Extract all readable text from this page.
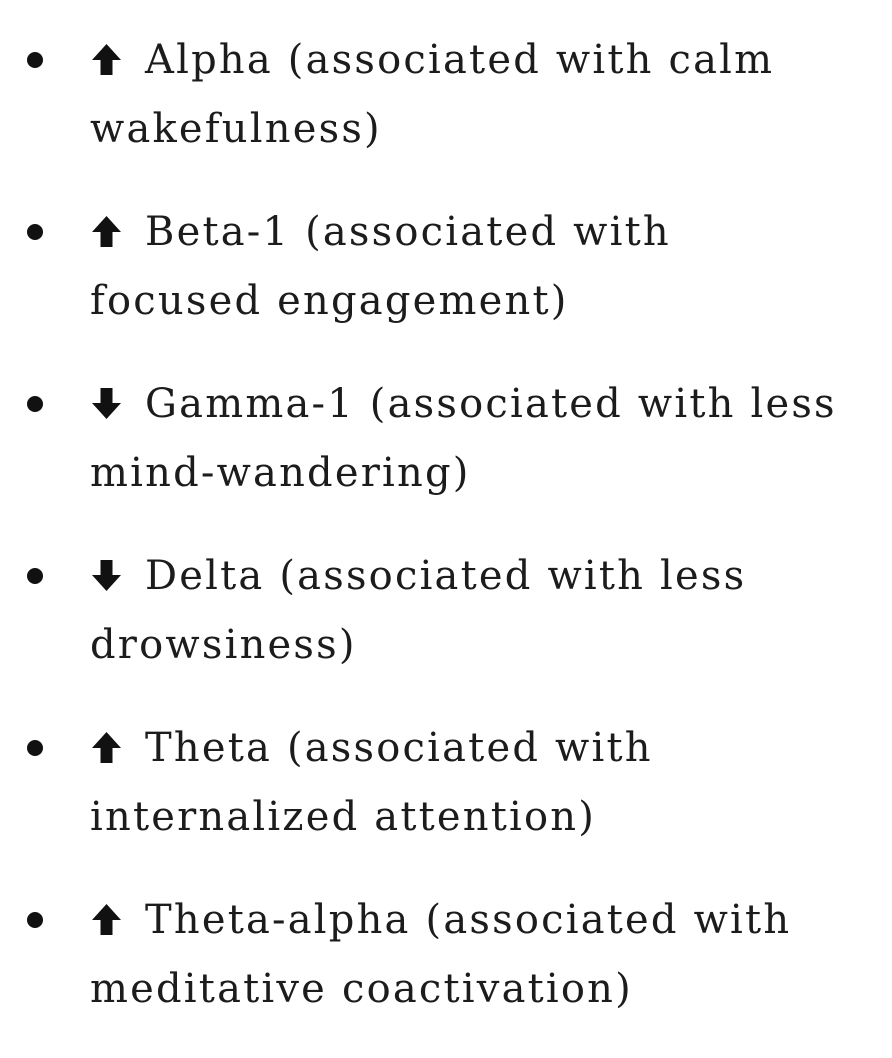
Alpha (associated with calm wakefulness)
Beta-1 (associated with focused engagement)
Gamma-1 (associated with less mind-wandering)
Delta (associated with less drowsiness)
Theta (associated with internalized attention)
Theta-alpha (associated with meditative coactivation)
